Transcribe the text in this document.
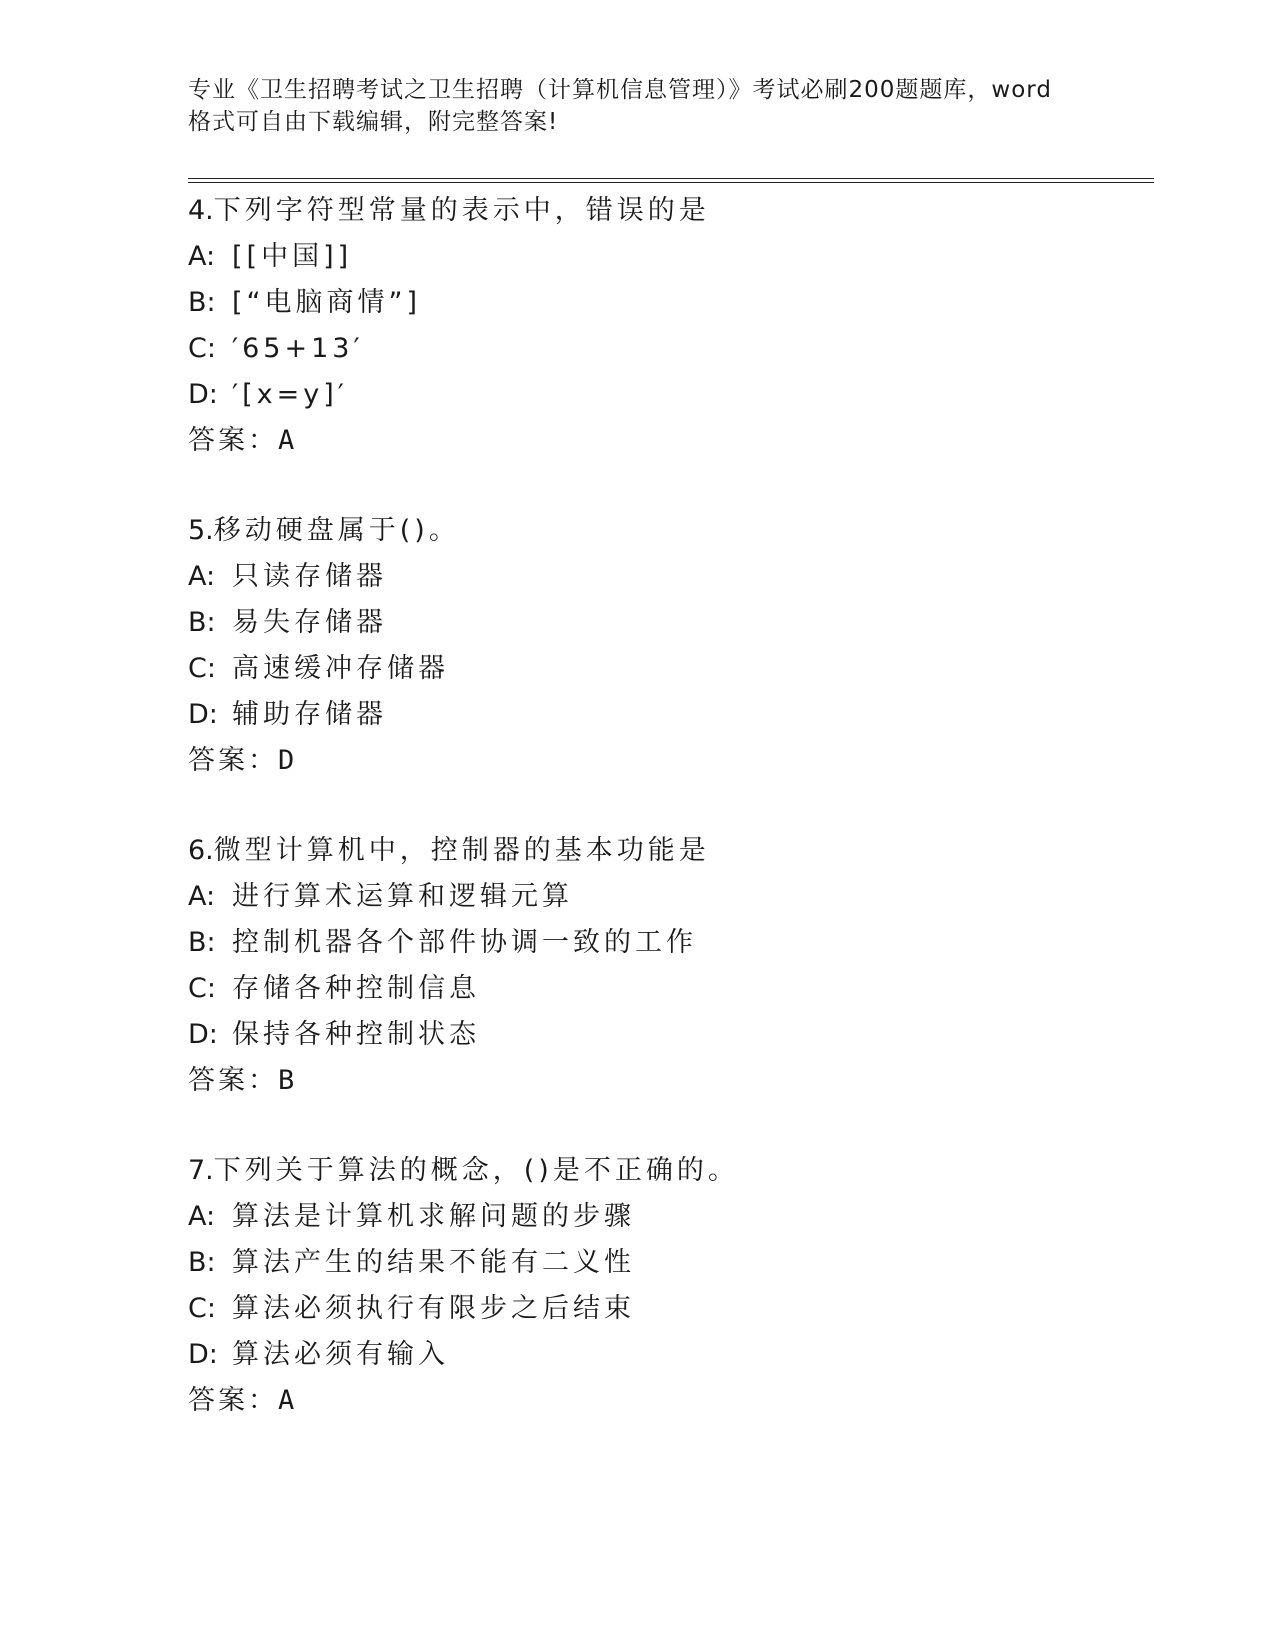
专业《卫生招聘考试之卫生招聘（计算机信息管理）》考试必刷200题题库，word
格式可自由下载编辑，附完整答案!
4.下列字符型常量的表示中，错误的是
A: [[中国]]
B: [“电脑商情”]
C: ′65+13′
D: ′[x=y]′
答案：A
5.移动硬盘属于()。
A: 只读存储器
B: 易失存储器
C: 高速缓冲存储器
D: 辅助存储器
答案：D
6.微型计算机中，控制器的基本功能是
A: 进行算术运算和逻辑元算
B: 控制机器各个部件协调一致的工作
C: 存储各种控制信息
D: 保持各种控制状态
答案：B
7.下列关于算法的概念，()是不正确的。
A: 算法是计算机求解问题的步骤
B: 算法产生的结果不能有二义性
C: 算法必须执行有限步之后结束
D: 算法必须有输入
答案：A
